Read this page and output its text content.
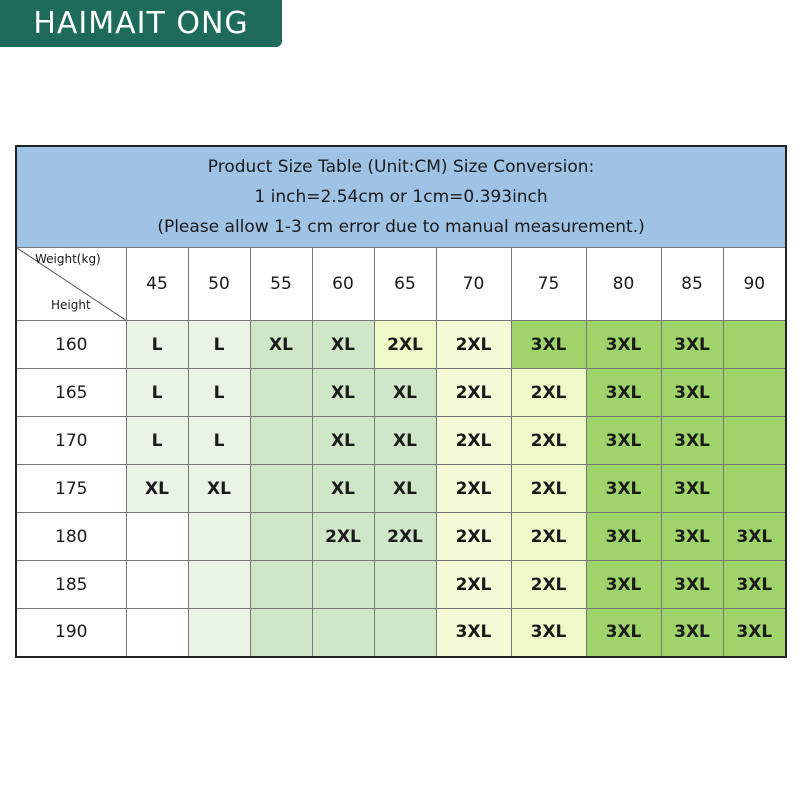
HAIMAIT ONG
Product Size Table (Unit:CM) Size Conversion:
1 inch=2.54cm or 1cm=0.393inch
(Please allow 1-3 cm error due to manual measurement.)										

Weight(kg)
Height	45	50	55	60	65	70	75	80	85	90
160	L	L	XL	XL	2XL	2XL	3XL	3XL	3XL	
165	L	L		XL	XL	2XL	2XL	3XL	3XL	
170	L	L		XL	XL	2XL	2XL	3XL	3XL	
175	XL	XL		XL	XL	2XL	2XL	3XL	3XL	
180				2XL	2XL	2XL	2XL	3XL	3XL	3XL
185						2XL	2XL	3XL	3XL	3XL
190						3XL	3XL	3XL	3XL	3XL
